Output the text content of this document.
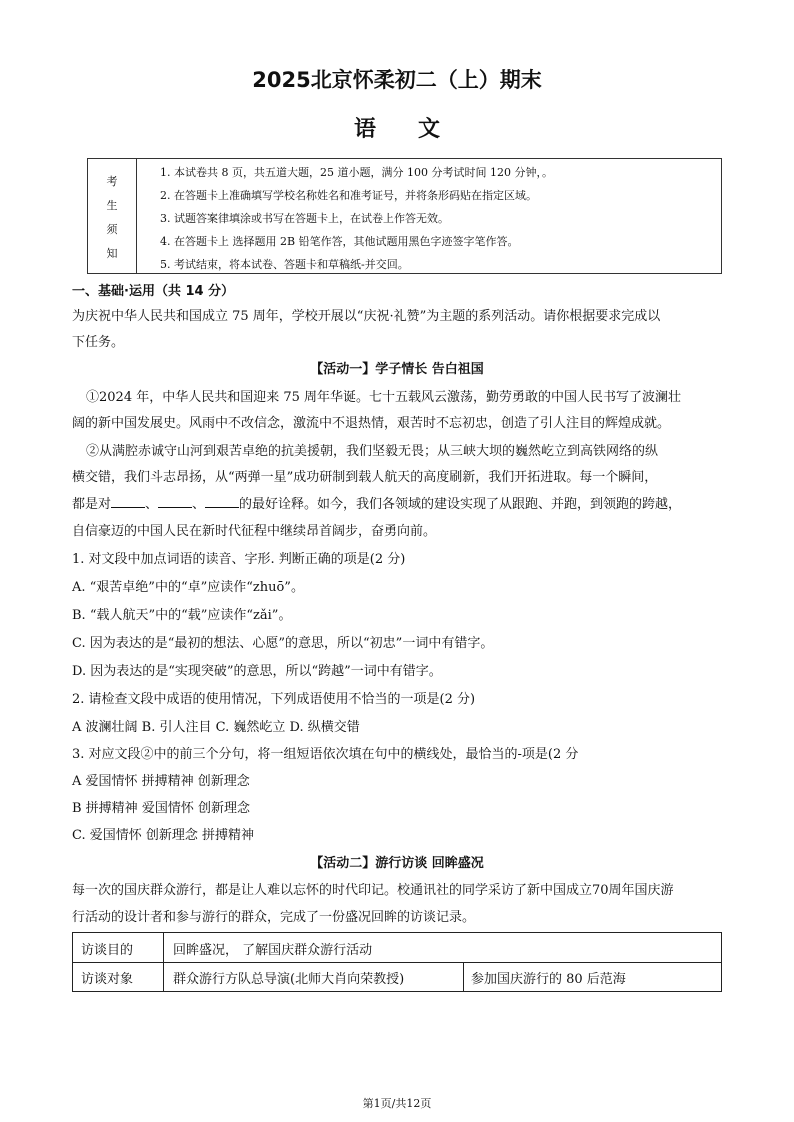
2025北京怀柔初二（上）期末
语文
考
生
须
知
1. 本试卷共 8 页，共五道大题，25 道小题，满分 100 分考试时间 120 分钟，。
2. 在答题卡上准确填写学校名称姓名和准考证号，并将条形码贴在指定区域。
3. 试题答案律填涂或书写在答题卡上，在试卷上作答无效。
4. 在答题卡上 选择题用 2B 铅笔作答，其他试题用黑色字迹签字笔作答。
5. 考试结束，将本试卷、答题卡和草稿纸-并交回。
一、基础·运用（共 14 分）
为庆祝中华人民共和国成立 75 周年，学校开展以“庆祝·礼赞”为主题的系列活动。请你根据要求完成以
下任务。
【活动一】学子情长 告白祖国
①2024 年，中华人民共和国迎来 75 周年华诞。七十五载风云激荡，勤劳勇敢的中国人民书写了波澜壮
阔的新中国发展史。风雨中不改信念，激流中不退热情，艰苦时不忘初忠，创造了引人注目的辉煌成就。
②从满腔赤诚守山河到艰苦卓绝的抗美援朝，我们坚毅无畏；从三峡大坝的巍然屹立到高铁网络的纵
横交错，我们斗志昂扬，从“两弹一星”成功研制到载人航天的高度刷新，我们开拓进取。每一个瞬间，
都是对	、	、	的最好诠释。如今，我们各领域的建设实现了从跟跑、并跑，到领跑的跨越，
自信豪迈的中国人民在新时代征程中继续昂首阔步，奋勇向前。
1. 对文段中加点词语的读音、字形. 判断正确的项是(2 分)
A. “艰苦卓绝”中的“卓”应读作“zhuō”。
B. “载人航天”中的“载”应读作“zǎi”。
C. 因为表达的是“最初的想法、心愿”的意思，所以“初忠”一词中有错字。
D. 因为表达的是“实现突破”的意思，所以“跨越”一词中有错字。
2. 请检查文段中成语的使用情况，下列成语使用不恰当的一项是(2 分)
A 波澜壮阔 B. 引人注目 C. 巍然屹立 D. 纵横交错
3. 对应文段②中的前三个分句，将一组短语依次填在句中的横线处，最恰当的-项是(2 分
A 爱国情怀 拼搏精神 创新理念
B 拼搏精神 爱国情怀 创新理念
C. 爱国情怀 创新理念 拼搏精神
【活动二】游行访谈 回眸盛况
每一次的国庆群众游行，都是让人难以忘怀的时代印记。校通讯社的同学采访了新中国成立70周年国庆游
行活动的设计者和参与游行的群众，完成了一份盛况回眸的访谈记录。
访谈目的	回眸盛况， 了解国庆群众游行活动
访谈对象	群众游行方队总导演(北师大肖向荣教授)	参加国庆游行的 80 后范海
第1页/共12页
